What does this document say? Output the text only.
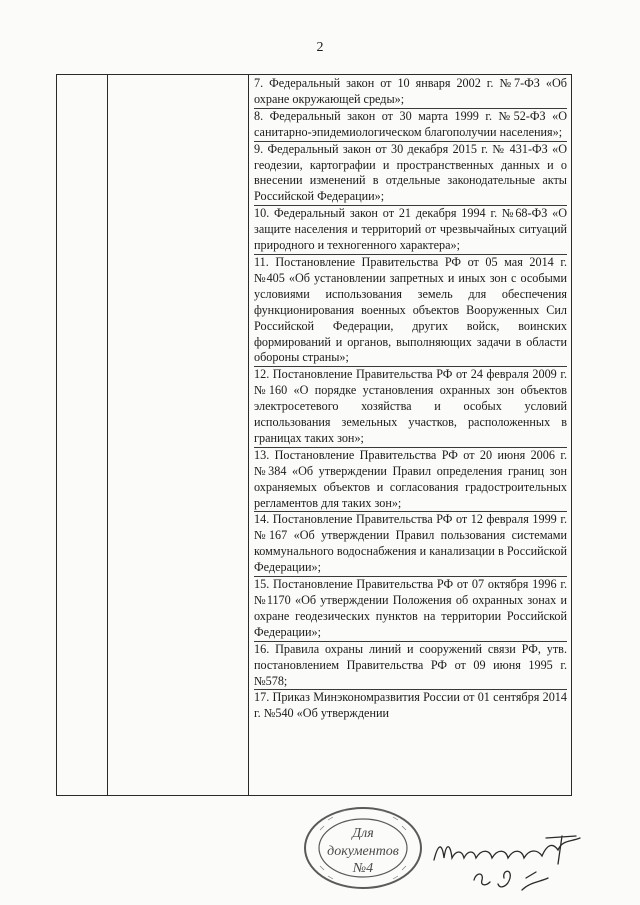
2
7. Федеральный закон от 10 января 2002 г. №7-ФЗ «Об охране окружающей среды»;
8. Федеральный закон от 30 марта 1999 г. №52-ФЗ «О санитарно-эпидемиологическом благополучии населения»;
9. Федеральный закон от 30 декабря 2015 г. № 431-ФЗ «О геодезии, картографии и пространственных данных и о внесении изменений в отдельные законодательные акты Российской Федерации»;
10. Федеральный закон от 21 декабря 1994 г. №68-ФЗ «О защите населения и территорий от чрезвычайных ситуаций природного и техногенного характера»;
11. Постановление Правительства РФ от 05 мая 2014 г. №405 «Об установлении запретных и иных зон с особыми условиями использования земель для обеспечения функционирования военных объектов Вооруженных Сил Российской Федерации, других войск, воинских формирований и органов, выполняющих задачи в области обороны страны»;
12. Постановление Правительства РФ от 24 февраля 2009 г. №160 «О порядке установления охранных зон объектов электросетевого хозяйства и особых условий использования земельных участков, расположенных в границах таких зон»;
13. Постановление Правительства РФ от 20 июня 2006 г. №384 «Об утверждении Правил определения границ зон охраняемых объектов и согласования градостроительных регламентов для таких зон»;
14. Постановление Правительства РФ от 12 февраля 1999 г. №167 «Об утверждении Правил пользования системами коммунального водоснабжения и канализации в Российской Федерации»;
15. Постановление Правительства РФ от 07 октября 1996 г. №1170 «Об утверждении Положения об охранных зонах и охране геодезических пунктов на территории Российской Федерации»;
16. Правила охраны линий и сооружений связи РФ, утв. постановлением Правительства РФ от 09 июня 1995 г. №578;
17. Приказ Минэкономразвития России от 01 сентября 2014 г. №540 «Об утверждении
Для
документов
№4
